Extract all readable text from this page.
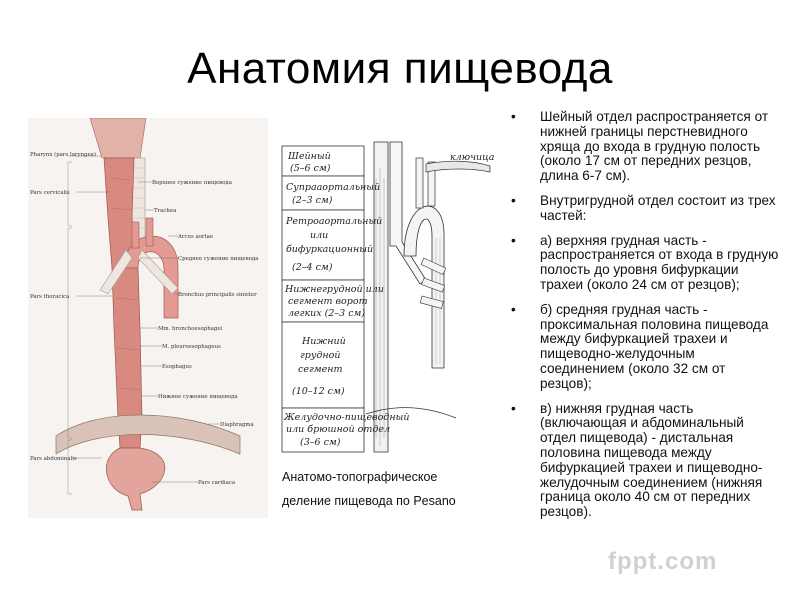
Анатомия пищевода
Pharynx (pars laryngea)
Верхнее сужение пищевода
Pars cervicalis
Trachea
Arcus aortae
Среднее сужение пищевода
Pars thoracica	Bronchus principalis sinister
Mm. bronchoesophagei
M. pleuroesophageus
Esophagus
Нижнее сужение пищевода
Diaphragma
Pars abdominalis
Pars cardiaca
ключица
Шейный
(5–6 см)
Супрааортальный
(2–3 см)
Ретроаортальный
или
бифуркационный
(2–4 см)
Нижнегрудной или
сегмент ворот
легких (2–3 см)
Нижний
грудной
сегмент
(10–12 см)
Желудочно-пищеводный
или брюшной отдел
(3–6 см)
Анатомо-топографическое
деление пищевода по Pesano
• Шейный отдел распространяется от нижней границы перстневидного хряща до входа в грудную полость (около 17 см от передних резцов, длина 6-7 см).
• Внутригрудной отдел состоит из трех частей:
• а) верхняя грудная часть - распространяется от входа в грудную полость до уровня бифуркации трахеи (около 24 см от резцов);
• б) средняя грудная часть - проксимальная половина пищевода между бифуркацией трахеи и пищеводно-желудочным соединением (около 32 см от резцов);
• в) нижняя грудная часть (включающая и абдоминальный отдел пищевода) - дистальная половина пищевода между бифуркацией трахеи и пищеводно-желудочным соединением (нижняя граница около 40 см от передних резцов).
fppt.com
